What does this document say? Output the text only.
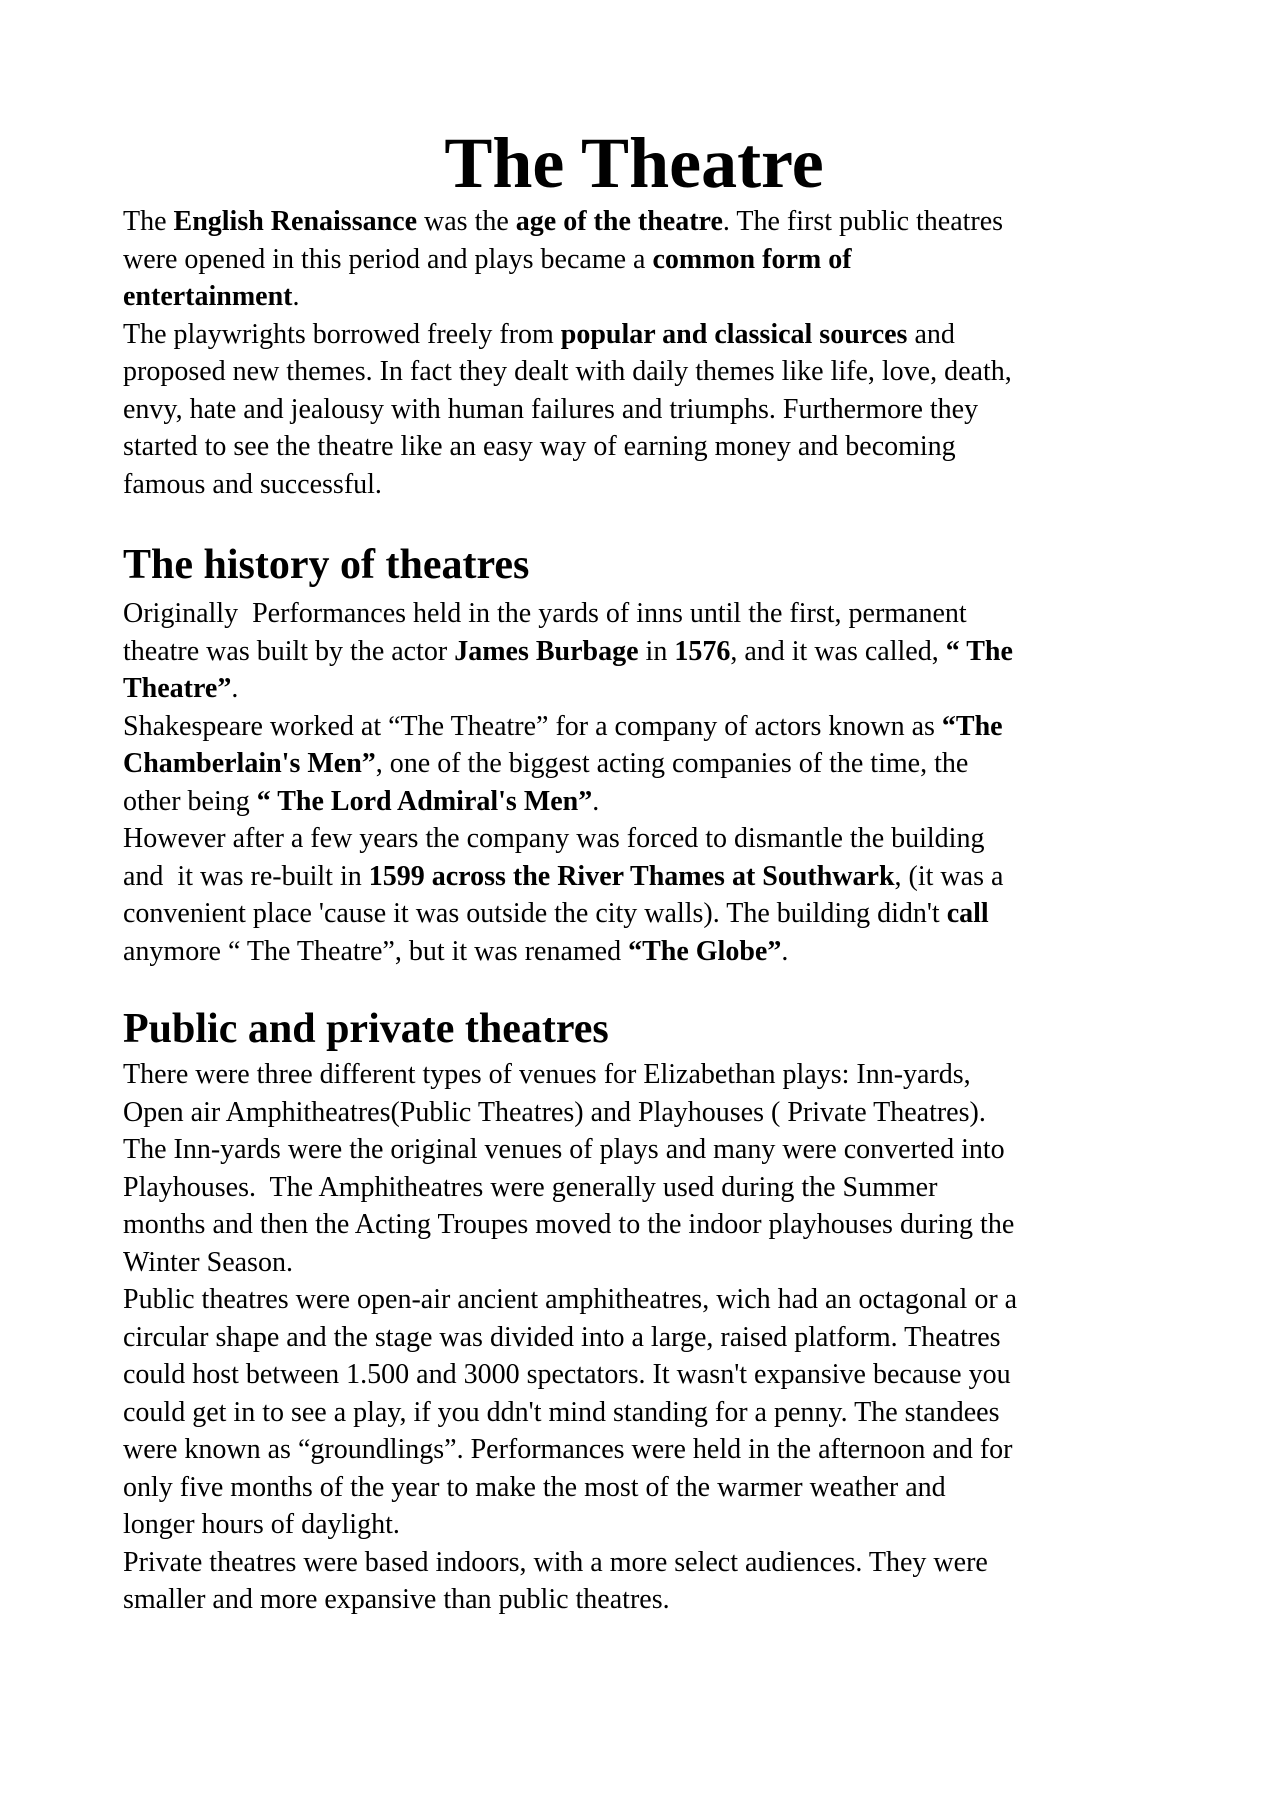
The Theatre
The English Renaissance was the age of the theatre. The first public theatres
were opened in this period and plays became a common form of
entertainment.
The playwrights borrowed freely from popular and classical sources and
proposed new themes. In fact they dealt with daily themes like life, love, death,
envy, hate and jealousy with human failures and triumphs. Furthermore they
started to see the theatre like an easy way of earning money and becoming
famous and successful.
The history of theatres
Originally  Performances held in the yards of inns until the first, permanent
theatre was built by the actor James Burbage in 1576, and it was called, “ The
Theatre”.
Shakespeare worked at “The Theatre” for a company of actors known as “The
Chamberlain's Men”, one of the biggest acting companies of the time, the
other being “ The Lord Admiral's Men”.
However after a few years the company was forced to dismantle the building
and  it was re-built in 1599 across the River Thames at Southwark, (it was a
convenient place 'cause it was outside the city walls). The building didn't call
anymore “ The Theatre”, but it was renamed “The Globe”.
Public and private theatres
There were three different types of venues for Elizabethan plays: Inn-yards,
Open air Amphitheatres(Public Theatres) and Playhouses ( Private Theatres).
The Inn-yards were the original venues of plays and many were converted into
Playhouses.  The Amphitheatres were generally used during the Summer
months and then the Acting Troupes moved to the indoor playhouses during the
Winter Season.
Public theatres were open-air ancient amphitheatres, wich had an octagonal or a
circular shape and the stage was divided into a large, raised platform. Theatres
could host between 1.500 and 3000 spectators. It wasn't expansive because you
could get in to see a play, if you ddn't mind standing for a penny. The standees
were known as “groundlings”. Performances were held in the afternoon and for
only five months of the year to make the most of the warmer weather and
longer hours of daylight.
Private theatres were based indoors, with a more select audiences. They were
smaller and more expansive than public theatres.
